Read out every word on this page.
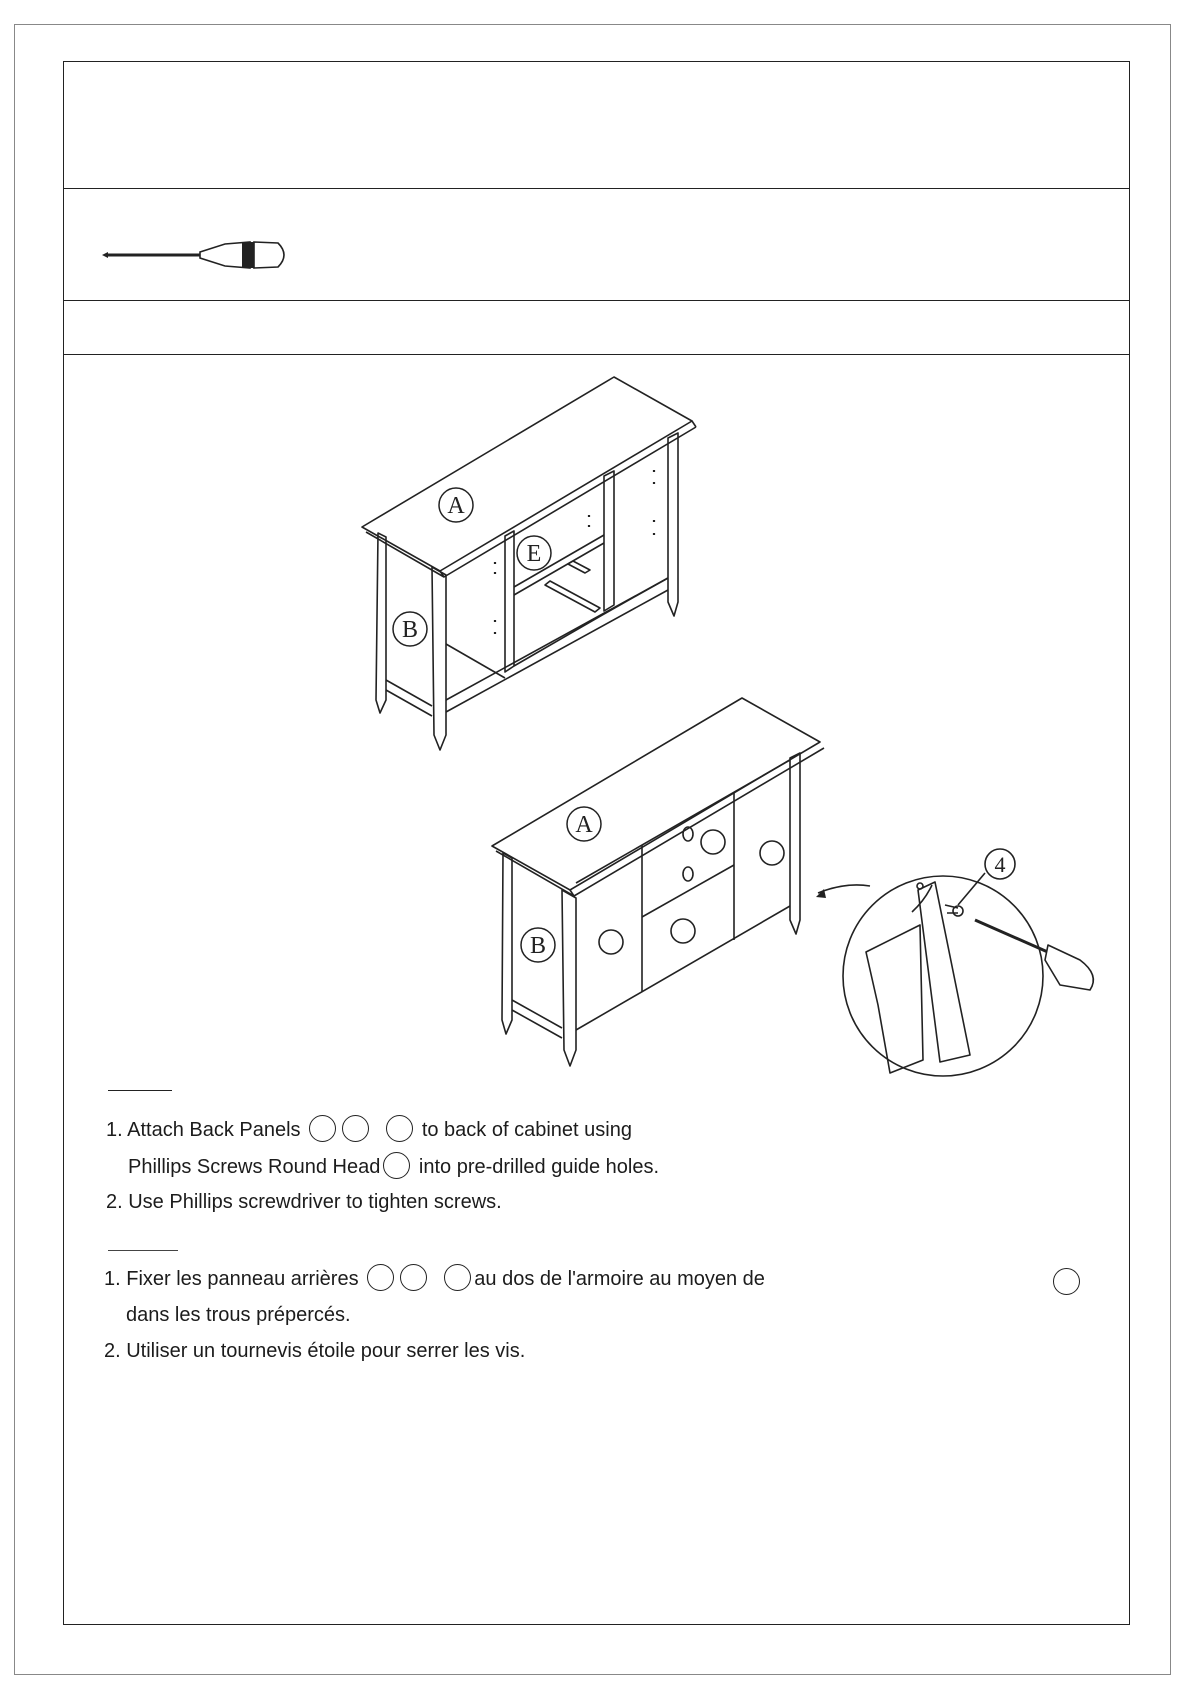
A
E
B
A
B
4
1. Attach Back Panels	to back of cabinet using
Phillips Screws Round Head into pre-drilled guide holes.
2. Use Phillips screwdriver to tighten screws.
1. Fixer les panneau arrières	au dos de l'armoire au moyen de
dans les trous prépercés.
2. Utiliser un tournevis étoile pour serrer les vis.
